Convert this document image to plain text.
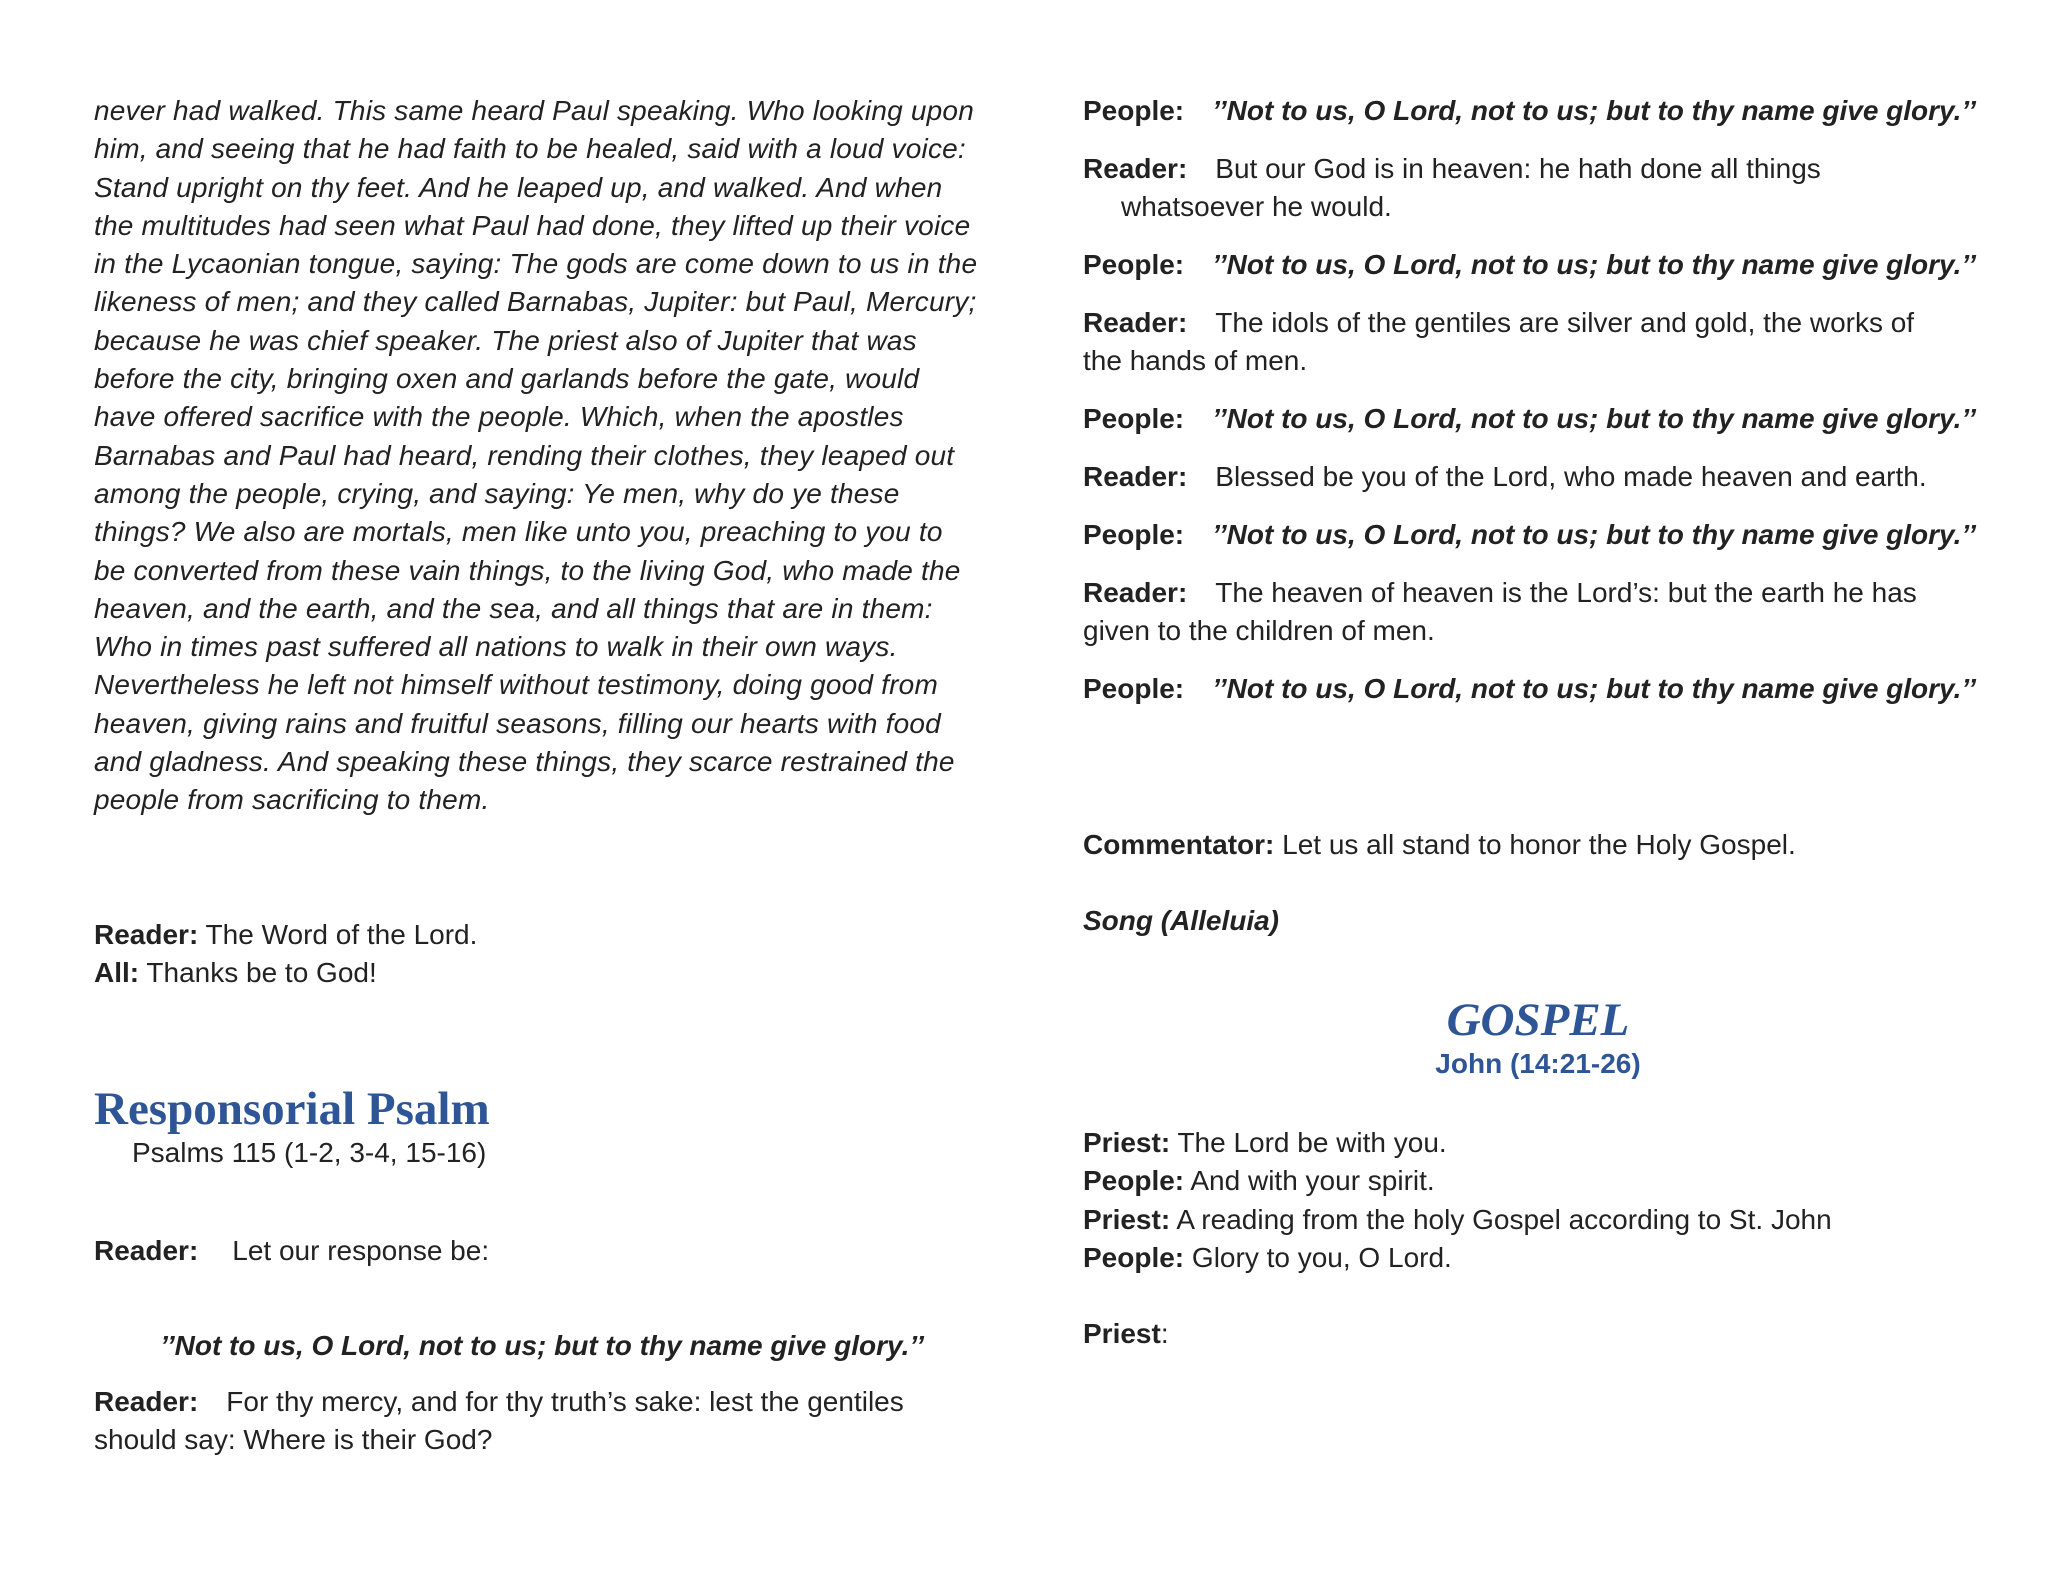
never had walked. This same heard Paul speaking. Who looking upon
him, and seeing that he had faith to be healed, said with a loud voice:
Stand upright on thy feet. And he leaped up, and walked. And when
the multitudes had seen what Paul had done, they lifted up their voice
in the Lycaonian tongue, saying: The gods are come down to us in the
likeness of men; and they called Barnabas, Jupiter: but Paul, Mercury;
because he was chief speaker. The priest also of Jupiter that was
before the city, bringing oxen and garlands before the gate, would
have offered sacrifice with the people. Which, when the apostles
Barnabas and Paul had heard, rending their clothes, they leaped out
among the people, crying, and saying: Ye men, why do ye these
things? We also are mortals, men like unto you, preaching to you to
be converted from these vain things, to the living God, who made the
heaven, and the earth, and the sea, and all things that are in them:
Who in times past suffered all nations to walk in their own ways.
Nevertheless he left not himself without testimony, doing good from
heaven, giving rains and fruitful seasons, filling our hearts with food
and gladness. And speaking these things, they scarce restrained the
people from sacrificing to them.

Reader: The Word of the Lord.

All: Thanks be to God!

Responsorial Psalm

Psalms 115 (1-2, 3-4, 15-16)

Reader: Let our response be:

’’Not to us, O Lord, not to us; but to thy name give glory.’’

Reader: For thy mercy, and for thy truth’s sake: lest the gentiles
should say: Where is their God?

People: ’’Not to us, O Lord, not to us; but to thy name give glory.’’

Reader: But our God is in heaven: he hath done all things
whatsoever he would.

People: ’’Not to us, O Lord, not to us; but to thy name give glory.’’

Reader: The idols of the gentiles are silver and gold, the works of
the hands of men.

People: ’’Not to us, O Lord, not to us; but to thy name give glory.’’

Reader: Blessed be you of the Lord, who made heaven and earth.

People: ’’Not to us, O Lord, not to us; but to thy name give glory.’’

Reader: The heaven of heaven is the Lord’s: but the earth he has
given to the children of men.

People: ’’Not to us, O Lord, not to us; but to thy name give glory.’’

Commentator: Let us all stand to honor the Holy Gospel.

Song (Alleluia)

GOSPEL

John (14:21-26)

Priest: The Lord be with you.

People: And with your spirit.

Priest: A reading from the holy Gospel according to St. John

People: Glory to you, O Lord.

Priest:
